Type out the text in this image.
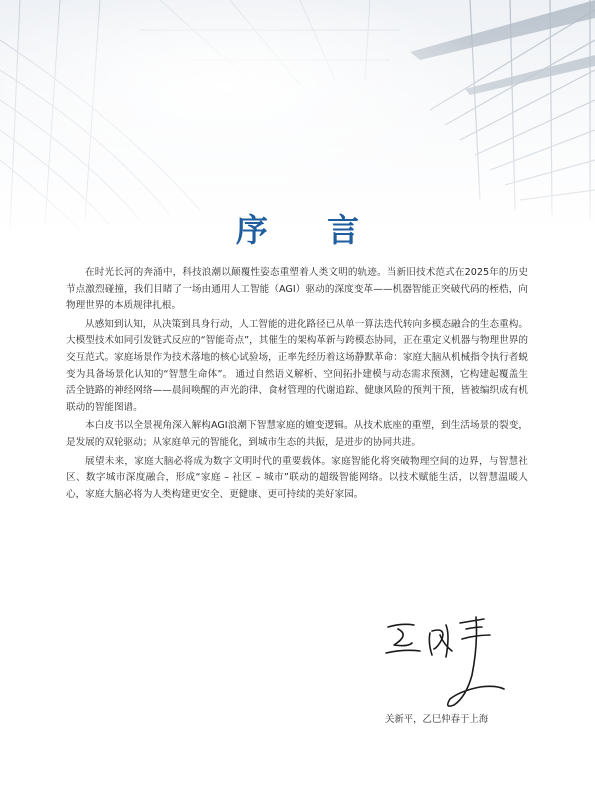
序 言

在时光长河的奔涌中，科技浪潮以颠覆性姿态重塑着人类文明的轨迹。当新旧技术范式在2025年的历史节点激烈碰撞，我们目睹了一场由通用人工智能（AGI）驱动的深度变革——机器智能正突破代码的桎梏，向物理世界的本质规律扎根。

从感知到认知，从决策到具身行动，人工智能的进化路径已从单一算法迭代转向多模态融合的生态重构。大模型技术如同引发链式反应的“智能奇点”，其催生的架构革新与跨模态协同，正在重定义机器与物理世界的交互范式。家庭场景作为技术落地的核心试验场，正率先经历着这场静默革命：家庭大脑从机械指令执行者蜕变为具备场景化认知的“智慧生命体”。 通过自然语义解析、空间拓扑建模与动态需求预测，它构建起覆盖生活全链路的神经网络——晨间唤醒的声光韵律、食材管理的代谢追踪、健康风险的预判干预，皆被编织成有机联动的智能图谱。

本白皮书以全景视角深入解构AGI浪潮下智慧家庭的嬗变逻辑。从技术底座的重塑，到生活场景的裂变，是发展的双轮驱动；从家庭单元的智能化，到城市生态的共振，是进步的协同共进。

展望未来，家庭大脑必将成为数字文明时代的重要载体。家庭智能化将突破物理空间的边界，与智慧社区、数字城市深度融合，形成“家庭 – 社区 – 城市”联动的超级智能网络。以技术赋能生活，以智慧温暖人心，家庭大脑必将为人类构建更安全、更健康、更可持续的美好家园。

关新平，乙巳仲春于上海
